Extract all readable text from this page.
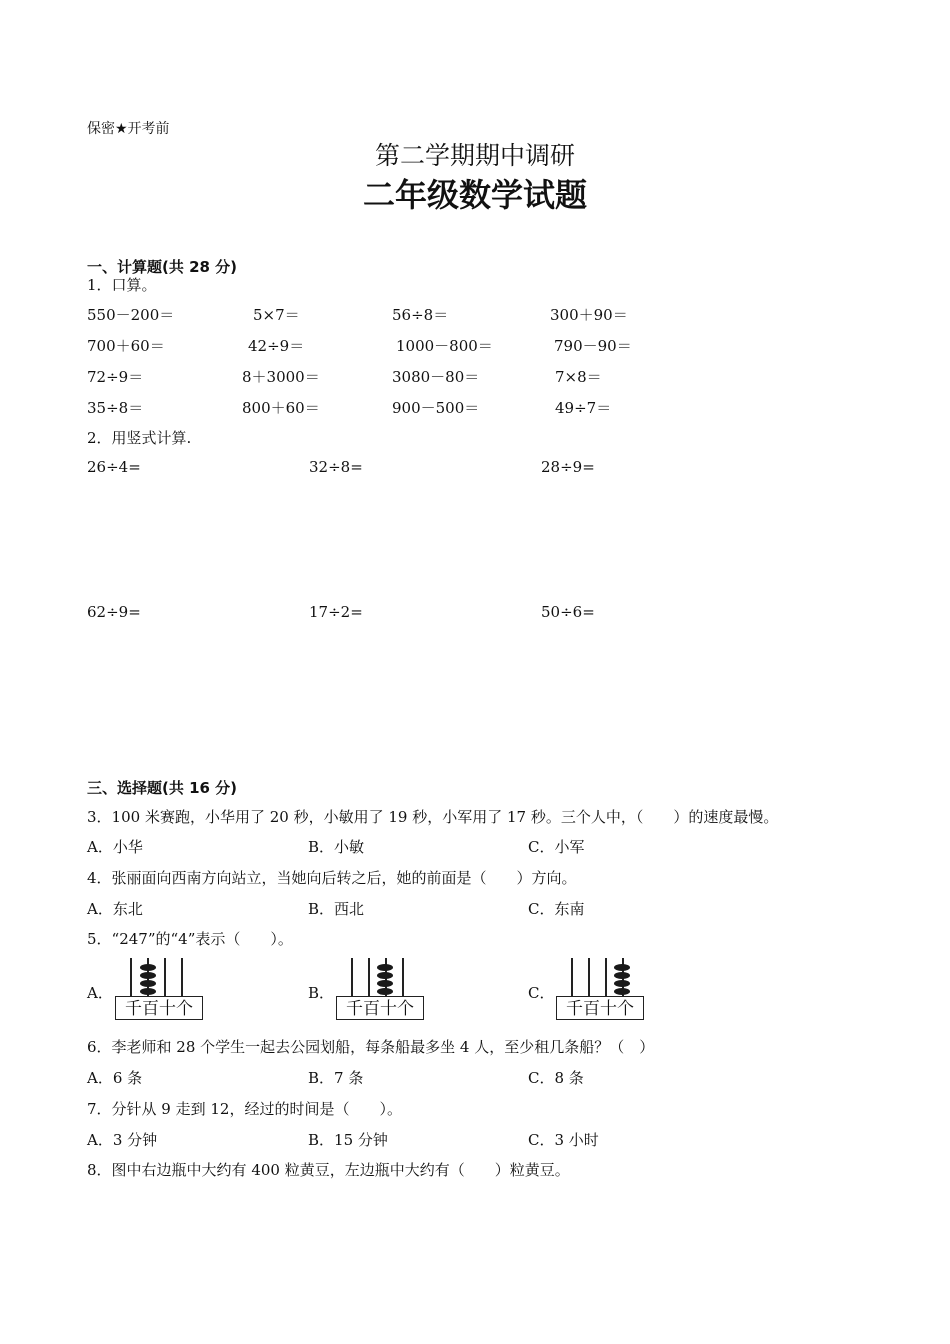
保密★开考前
第二学期期中调研
二年级数学试题
一、计算题(共 28 分)
1．口算。
550－200＝	5×7＝	56÷8＝	300＋90＝
700＋60＝	42÷9＝	1000－800＝	790－90＝
72÷9＝	8＋3000＝	3080－80＝	7×8＝
35÷8＝	800＋60＝	900－500＝	49÷7＝
2．用竖式计算.
26÷4=	32÷8=	28÷9=
62÷9=	17÷2=	50÷6=
三、选择题(共 16 分)
3．100 米赛跑，小华用了 20 秒，小敏用了 19 秒，小军用了 17 秒。三个人中，（　　）的速度最慢。
A．小华	B．小敏	C．小军
4．张丽面向西南方向站立，当她向后转之后，她的前面是（　　）方向。
A．东北	B．西北	C．东南
5．“247”的“4”表示（　　）。
A．
千百十个
B．
千百十个
C．
千百十个
6．李老师和 28 个学生一起去公园划船，每条船最多坐 4 人，至少租几条船？（　）
A．6 条	B．7 条	C．8 条
7．分针从 9 走到 12，经过的时间是（　　）。
A．3 分钟	B．15 分钟	C．3 小时
8．图中右边瓶中大约有 400 粒黄豆，左边瓶中大约有（　　）粒黄豆。
